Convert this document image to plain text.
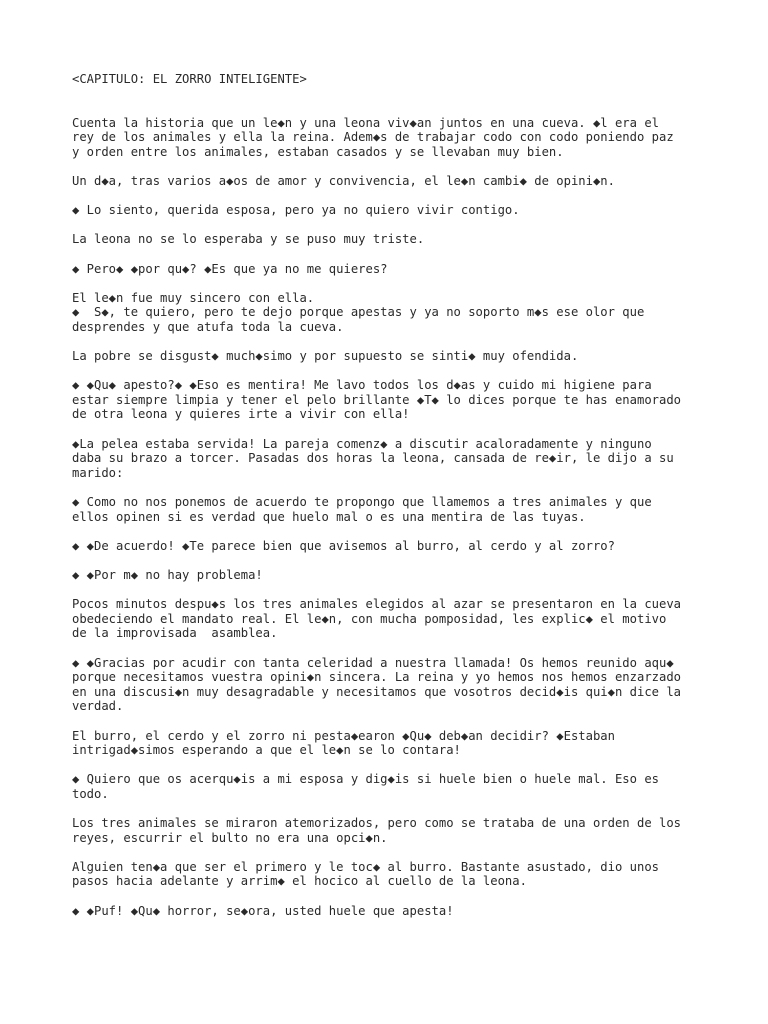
<CAPITULO: EL ZORRO INTELIGENTE>
Cuenta la historia que un le◆n y una leona viv◆an juntos en una cueva. ◆l era el
rey de los animales y ella la reina. Adem◆s de trabajar codo con codo poniendo paz
y orden entre los animales, estaban casados y se llevaban muy bien.
Un d◆a, tras varios a◆os de amor y convivencia, el le◆n cambi◆ de opini◆n.
◆ Lo siento, querida esposa, pero ya no quiero vivir contigo.
La leona no se lo esperaba y se puso muy triste.
◆ Pero◆ ◆por qu◆? ◆Es que ya no me quieres?
El le◆n fue muy sincero con ella.
◆  S◆, te quiero, pero te dejo porque apestas y ya no soporto m◆s ese olor que
desprendes y que atufa toda la cueva.
La pobre se disgust◆ much◆simo y por supuesto se sinti◆ muy ofendida.
◆ ◆Qu◆ apesto?◆ ◆Eso es mentira! Me lavo todos los d◆as y cuido mi higiene para
estar siempre limpia y tener el pelo brillante ◆T◆ lo dices porque te has enamorado
de otra leona y quieres irte a vivir con ella!
◆La pelea estaba servida! La pareja comenz◆ a discutir acaloradamente y ninguno
daba su brazo a torcer. Pasadas dos horas la leona, cansada de re◆ir, le dijo a su
marido:
◆ Como no nos ponemos de acuerdo te propongo que llamemos a tres animales y que
ellos opinen si es verdad que huelo mal o es una mentira de las tuyas.
◆ ◆De acuerdo! ◆Te parece bien que avisemos al burro, al cerdo y al zorro?
◆ ◆Por m◆ no hay problema!
Pocos minutos despu◆s los tres animales elegidos al azar se presentaron en la cueva
obedeciendo el mandato real. El le◆n, con mucha pomposidad, les explic◆ el motivo
de la improvisada  asamblea.
◆ ◆Gracias por acudir con tanta celeridad a nuestra llamada! Os hemos reunido aqu◆
porque necesitamos vuestra opini◆n sincera. La reina y yo hemos nos hemos enzarzado
en una discusi◆n muy desagradable y necesitamos que vosotros decid◆is qui◆n dice la
verdad.
El burro, el cerdo y el zorro ni pesta◆earon ◆Qu◆ deb◆an decidir? ◆Estaban
intrigad◆simos esperando a que el le◆n se lo contara!
◆ Quiero que os acerqu◆is a mi esposa y dig◆is si huele bien o huele mal. Eso es
todo.
Los tres animales se miraron atemorizados, pero como se trataba de una orden de los
reyes, escurrir el bulto no era una opci◆n.
Alguien ten◆a que ser el primero y le toc◆ al burro. Bastante asustado, dio unos
pasos hacia adelante y arrim◆ el hocico al cuello de la leona.
◆ ◆Puf! ◆Qu◆ horror, se◆ora, usted huele que apesta!
